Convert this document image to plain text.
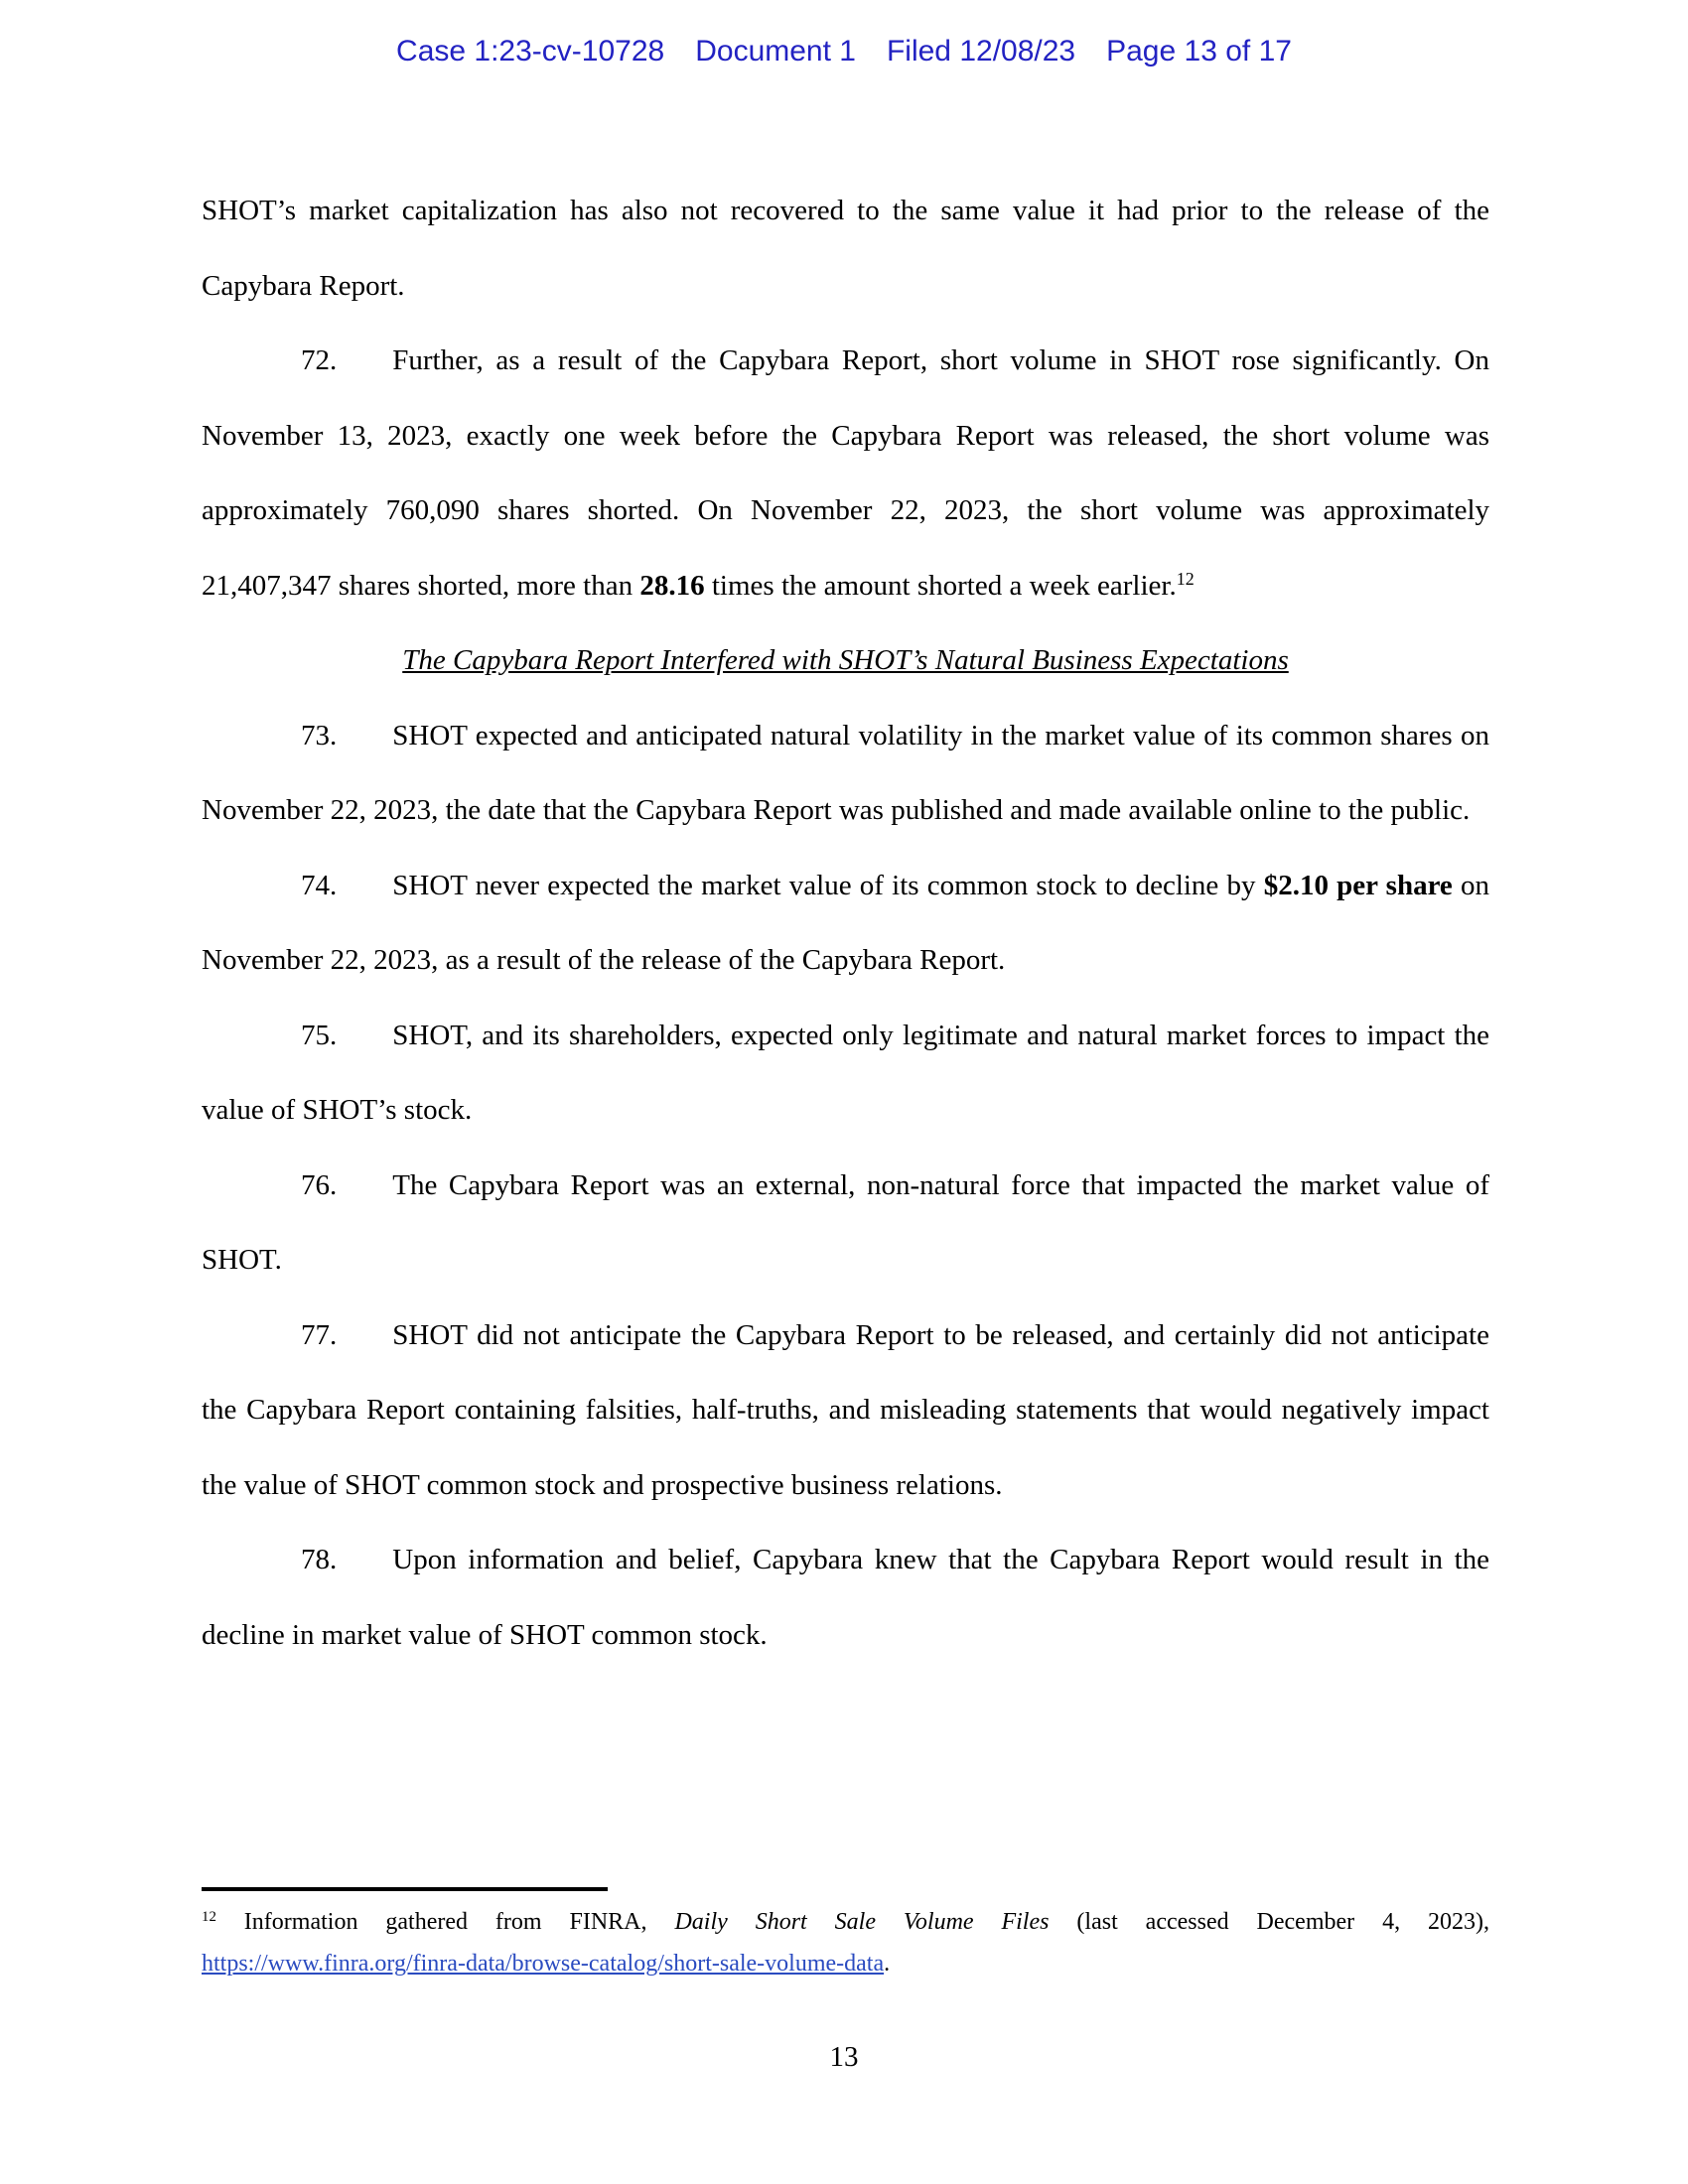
Case 1:23-cv-10728 Document 1 Filed 12/08/23 Page 13 of 17

SHOT’s market capitalization has also not recovered to the same value it had prior to the release of the Capybara Report.

72. Further, as a result of the Capybara Report, short volume in SHOT rose significantly. On November 13, 2023, exactly one week before the Capybara Report was released, the short volume was approximately 760,090 shares shorted. On November 22, 2023, the short volume was approximately 21,407,347 shares shorted, more than 28.16 times the amount shorted a week earlier.$^{12}$

The Capybara Report Interfered with SHOT’s Natural Business Expectations

73. SHOT expected and anticipated natural volatility in the market value of its common shares on November 22, 2023, the date that the Capybara Report was published and made available online to the public.

74. SHOT never expected the market value of its common stock to decline by $2.10 per share on November 22, 2023, as a result of the release of the Capybara Report.

75. SHOT, and its shareholders, expected only legitimate and natural market forces to impact the value of SHOT’s stock.

76. The Capybara Report was an external, non-natural force that impacted the market value of SHOT.

77. SHOT did not anticipate the Capybara Report to be released, and certainly did not anticipate the Capybara Report containing falsities, half-truths, and misleading statements that would negatively impact the value of SHOT common stock and prospective business relations.

78. Upon information and belief, Capybara knew that the Capybara Report would result in the decline in market value of SHOT common stock.

$^{12}$ Information gathered from FINRA, Daily Short Sale Volume Files (last accessed December 4, 2023),
https://www.finra.org/finra-data/browse-catalog/short-sale-volume-data.
13
